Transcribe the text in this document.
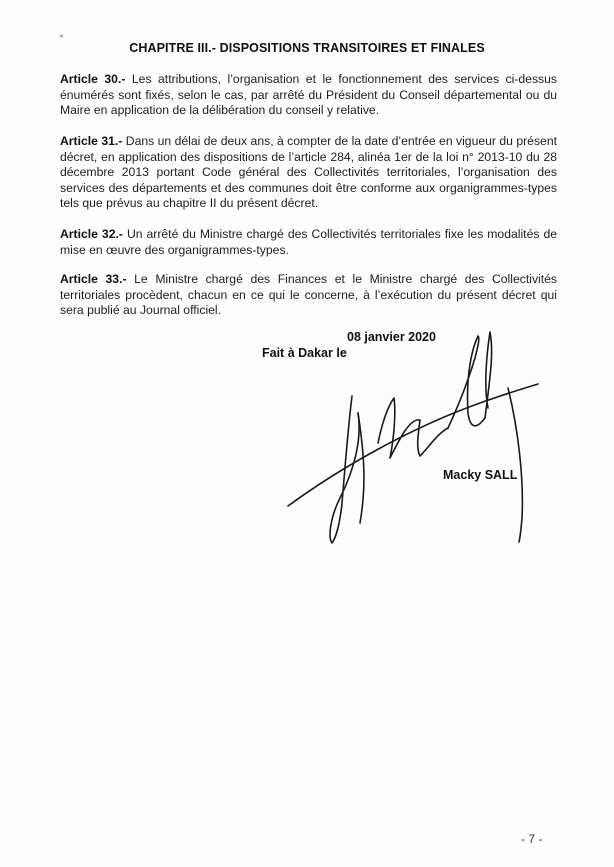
CHAPITRE III.- DISPOSITIONS TRANSITOIRES ET FINALES

Article 30.- Les attributions, l’organisation et le fonctionnement des services ci-dessus énumérés sont fixés, selon le cas, par arrêté du Président du Conseil départemental ou du Maire en application de la délibération du conseil y relative.

Article 31.- Dans un délai de deux ans, à compter de la date d’entrée en vigueur du présent décret, en application des dispositions de l’article 284, alinéa 1er de la loi n° 2013-10 du 28 décembre 2013 portant Code général des Collectivités territoriales, l’organisation des services des départements et des communes doit être conforme aux organigrammes-types tels que prévus au chapitre II du présent décret.

Article 32.- Un arrêté du Ministre chargé des Collectivités territoriales fixe les modalités de mise en œuvre des organigrammes-types.

Article 33.- Le Ministre chargé des Finances et le Ministre chargé des Collectivités territoriales procèdent, chacun en ce qui le concerne, à l’exécution du présent décret qui sera publié au Journal officiel.

08 janvier 2020
Fait à Dakar le
Macky SALL
- 7 -
